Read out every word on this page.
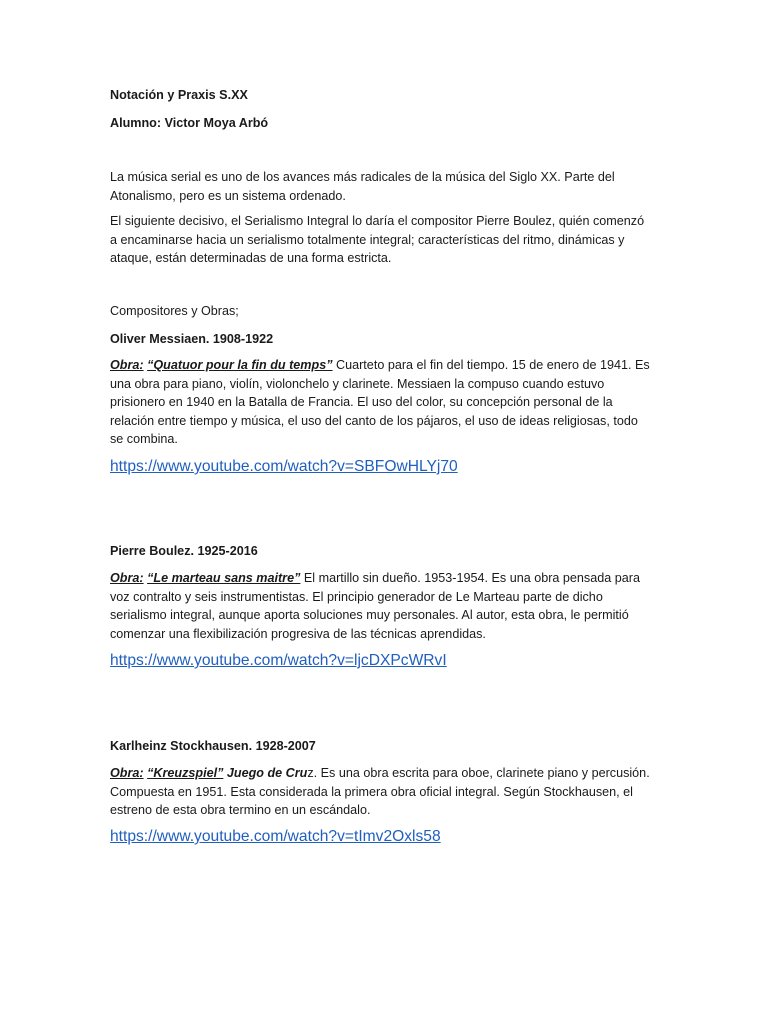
Notación y Praxis S.XX

Alumno: Victor Moya Arbó

La música serial es uno de los avances más radicales de la música del Siglo XX. Parte del Atonalismo, pero es un sistema ordenado.

El siguiente decisivo, el Serialismo Integral lo daría el compositor Pierre Boulez, quién comenzó a encaminarse hacia un serialismo totalmente integral; características del ritmo, dinámicas y ataque, están determinadas de una forma estricta.

Compositores y Obras;

Oliver Messiaen. 1908-1922

Obra: “Quatuor pour la fin du temps” Cuarteto para el fin del tiempo. 15 de enero de 1941. Es una obra para piano, violín, violonchelo y clarinete. Messiaen la compuso cuando estuvo prisionero en 1940 en la Batalla de Francia. El uso del color, su concepción personal de la relación entre tiempo y música, el uso del canto de los pájaros, el uso de ideas religiosas, todo se combina.

https://www.youtube.com/watch?v=SBFOwHLYj70

Pierre Boulez. 1925-2016

Obra: “Le marteau sans maitre” El martillo sin dueño. 1953-1954. Es una obra pensada para voz contralto y seis instrumentistas. El principio generador de Le Marteau parte de dicho serialismo integral, aunque aporta soluciones muy personales. Al autor, esta obra, le permitió comenzar una flexibilización progresiva de las técnicas aprendidas.

https://www.youtube.com/watch?v=ljcDXPcWRvI

Karlheinz Stockhausen. 1928-2007

Obra: “Kreuzspiel” Juego de Cruz. Es una obra escrita para oboe, clarinete piano y percusión. Compuesta en 1951. Esta considerada la primera obra oficial integral. Según Stockhausen, el estreno de esta obra termino en un escándalo.

https://www.youtube.com/watch?v=tImv2Oxls58
